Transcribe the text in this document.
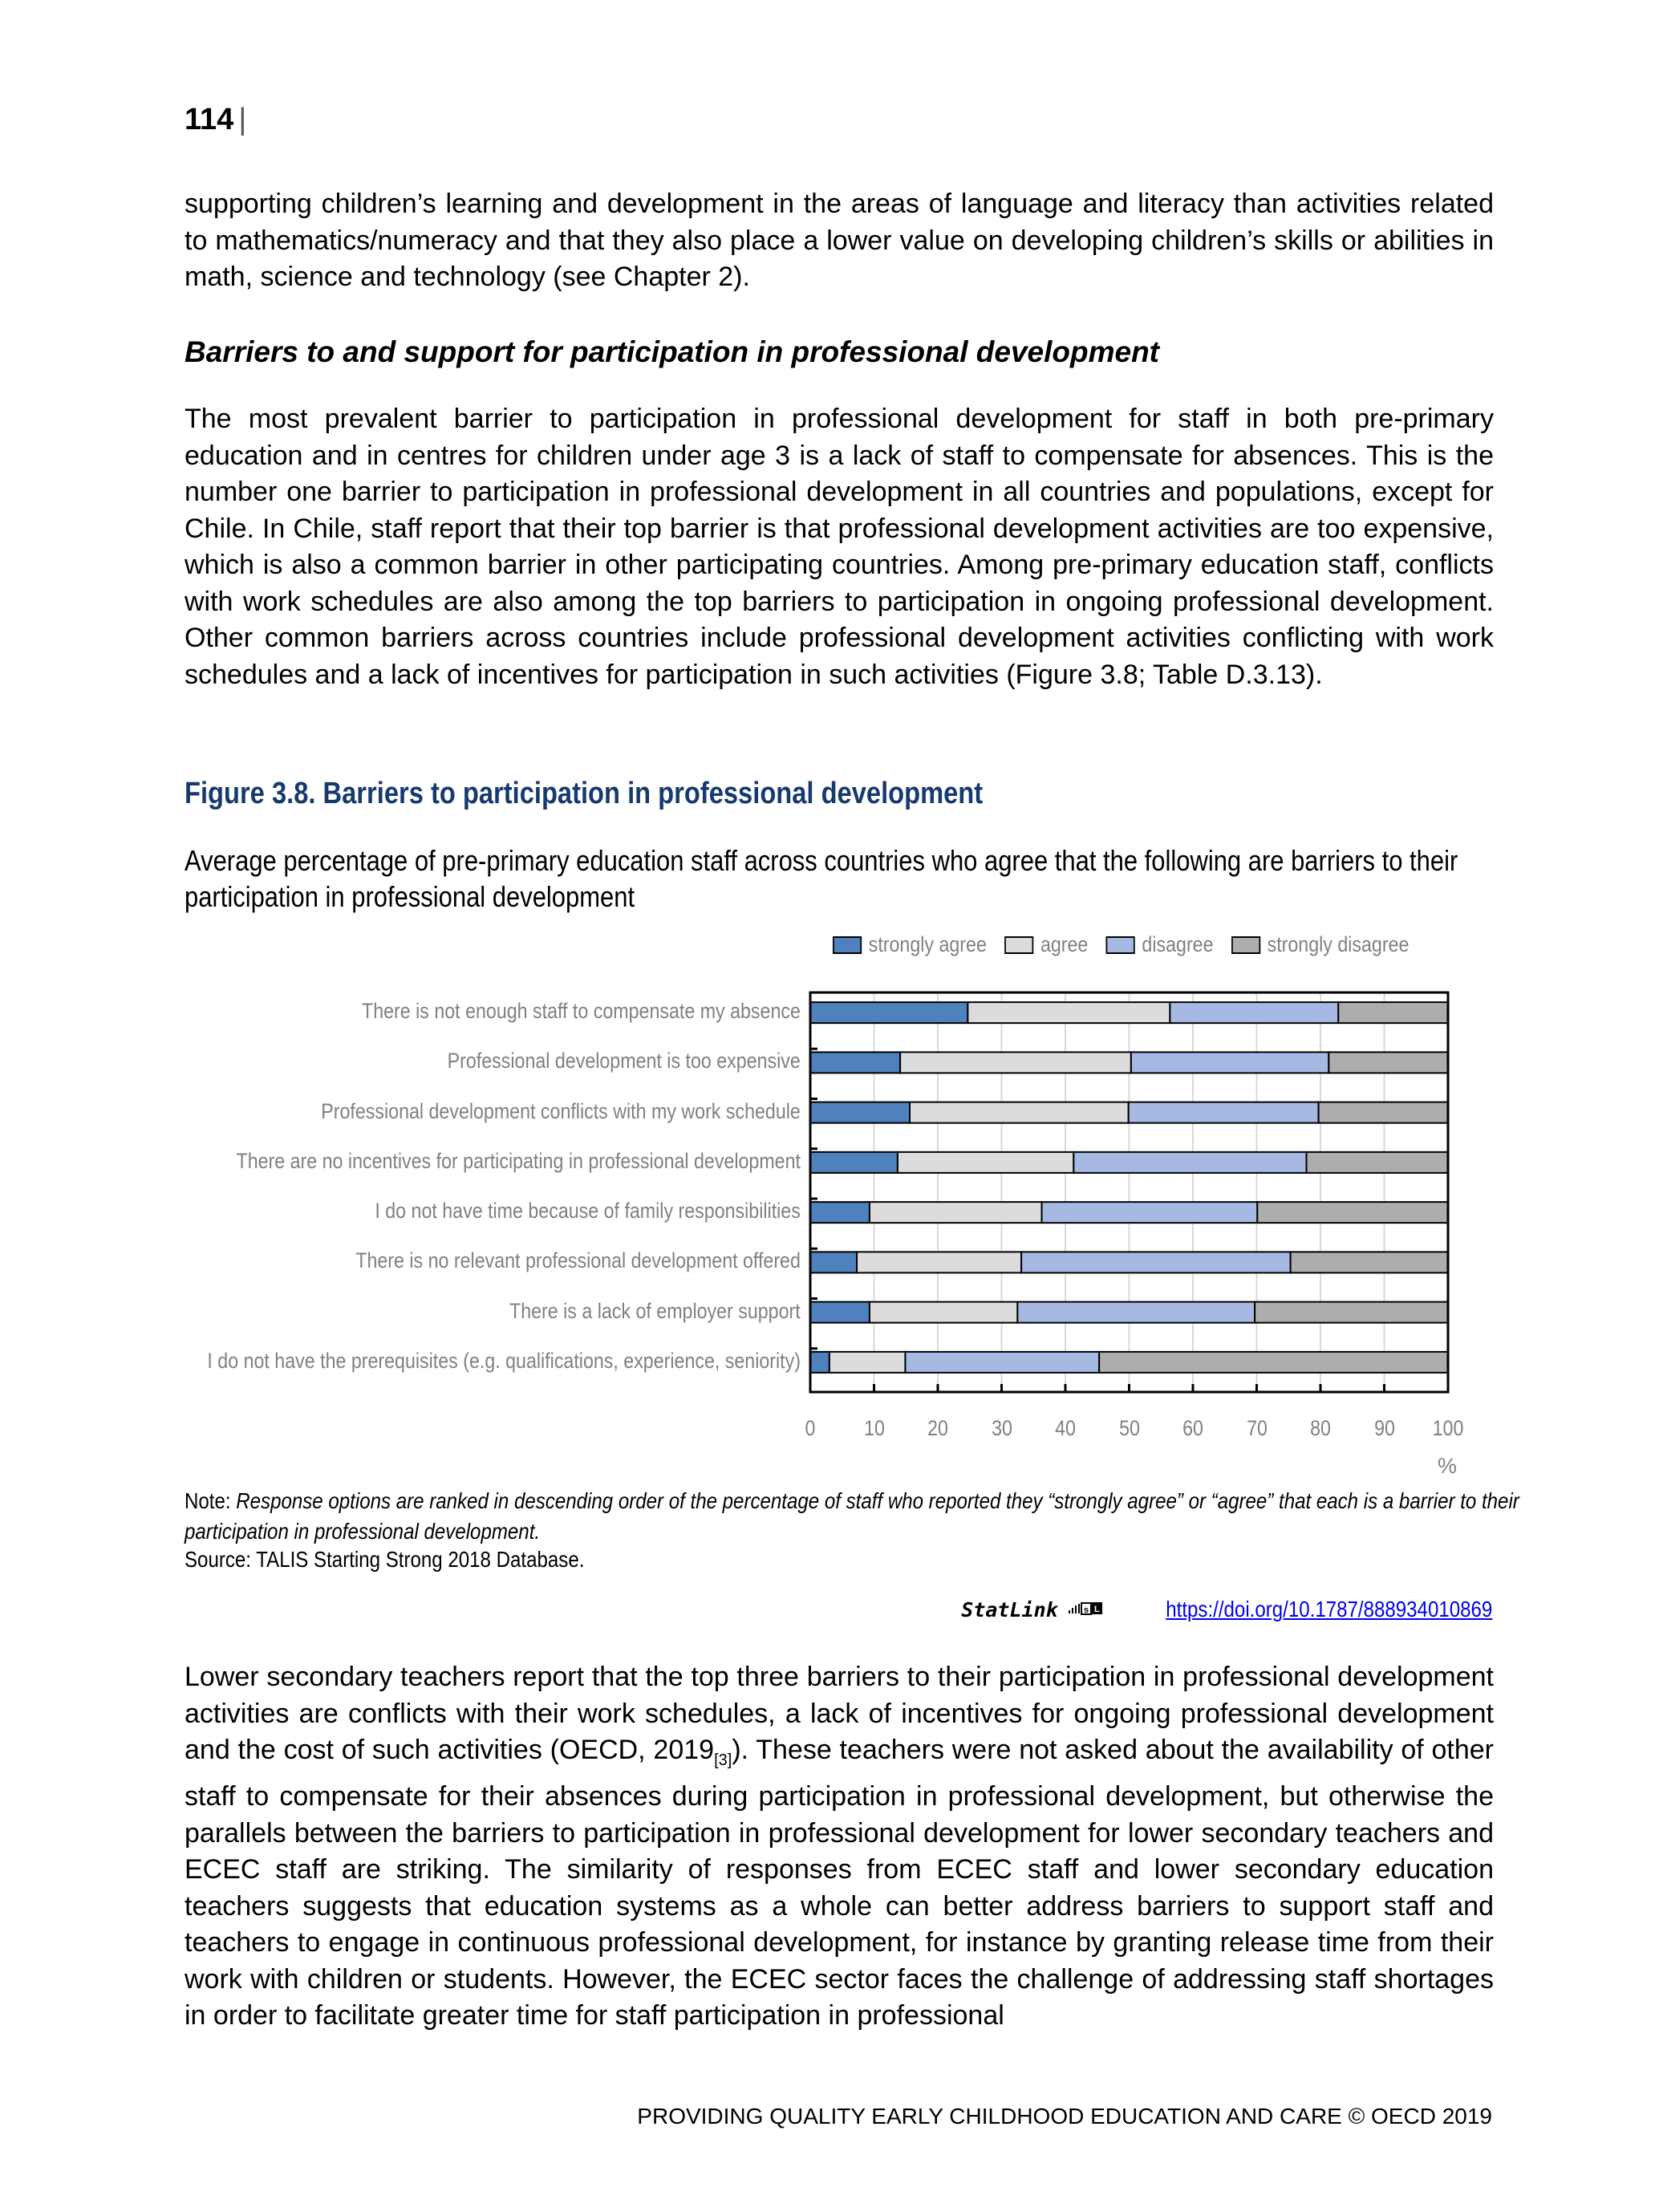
114 |

supporting children’s learning and development in the areas of language and literacy than activities related to mathematics/numeracy and that they also place a lower value on developing children’s skills or abilities in math, science and technology (see Chapter 2).

Barriers to and support for participation in professional development

The most prevalent barrier to participation in professional development for staff in both pre-primary education and in centres for children under age 3 is a lack of staff to compensate for absences. This is the number one barrier to participation in professional development in all countries and populations, except for Chile. In Chile, staff report that their top barrier is that professional development activities are too expensive, which is also a common barrier in other participating countries. Among pre-primary education staff, conflicts with work schedules are also among the top barriers to participation in ongoing professional development. Other common barriers across countries include professional development activities conflicting with work schedules and a lack of incentives for participation in such activities (Figure 3.8; Table D.3.13).

Figure 3.8. Barriers to participation in professional development
Average percentage of pre-primary education staff across countries who agree that the following are barriers to their participation in professional development
strongly agree agree disagree strongly disagree
There is not enough staff to compensate my absence
Professional development is too expensive
Professional development conflicts with my work schedule
There are no incentives for participating in professional development
I do not have time because of family responsibilities
There is no relevant professional development offered
There is a lack of employer support
I do not have the prerequisites (e.g. qualifications, experience, seniority)
0 10 20 30 40 50 60 70 80 90 100
%
Note: Response options are ranked in descending order of the percentage of staff who reported they “strongly agree” or “agree” that each is a barrier to their participation in professional development.
Source: TALIS Starting Strong 2018 Database.
StatLink	s L	https://doi.org/10.1787/888934010869

Lower secondary teachers report that the top three barriers to their participation in professional development activities are conflicts with their work schedules, a lack of incentives for ongoing professional development and the cost of such activities (OECD, $2019_{[3]}$). These teachers were not asked about the availability of other staff to compensate for their absences during participation in professional development, but otherwise the parallels between the barriers to participation in professional development for lower secondary teachers and ECEC staff are striking. The similarity of responses from ECEC staff and lower secondary education teachers suggests that education systems as a whole can better address barriers to support staff and teachers to engage in continuous professional development, for instance by granting release time from their work with children or students. However, the ECEC sector faces the challenge of addressing staff shortages in order to facilitate greater time for staff participation in professional

PROVIDING QUALITY EARLY CHILDHOOD EDUCATION AND CARE © OECD 2019
